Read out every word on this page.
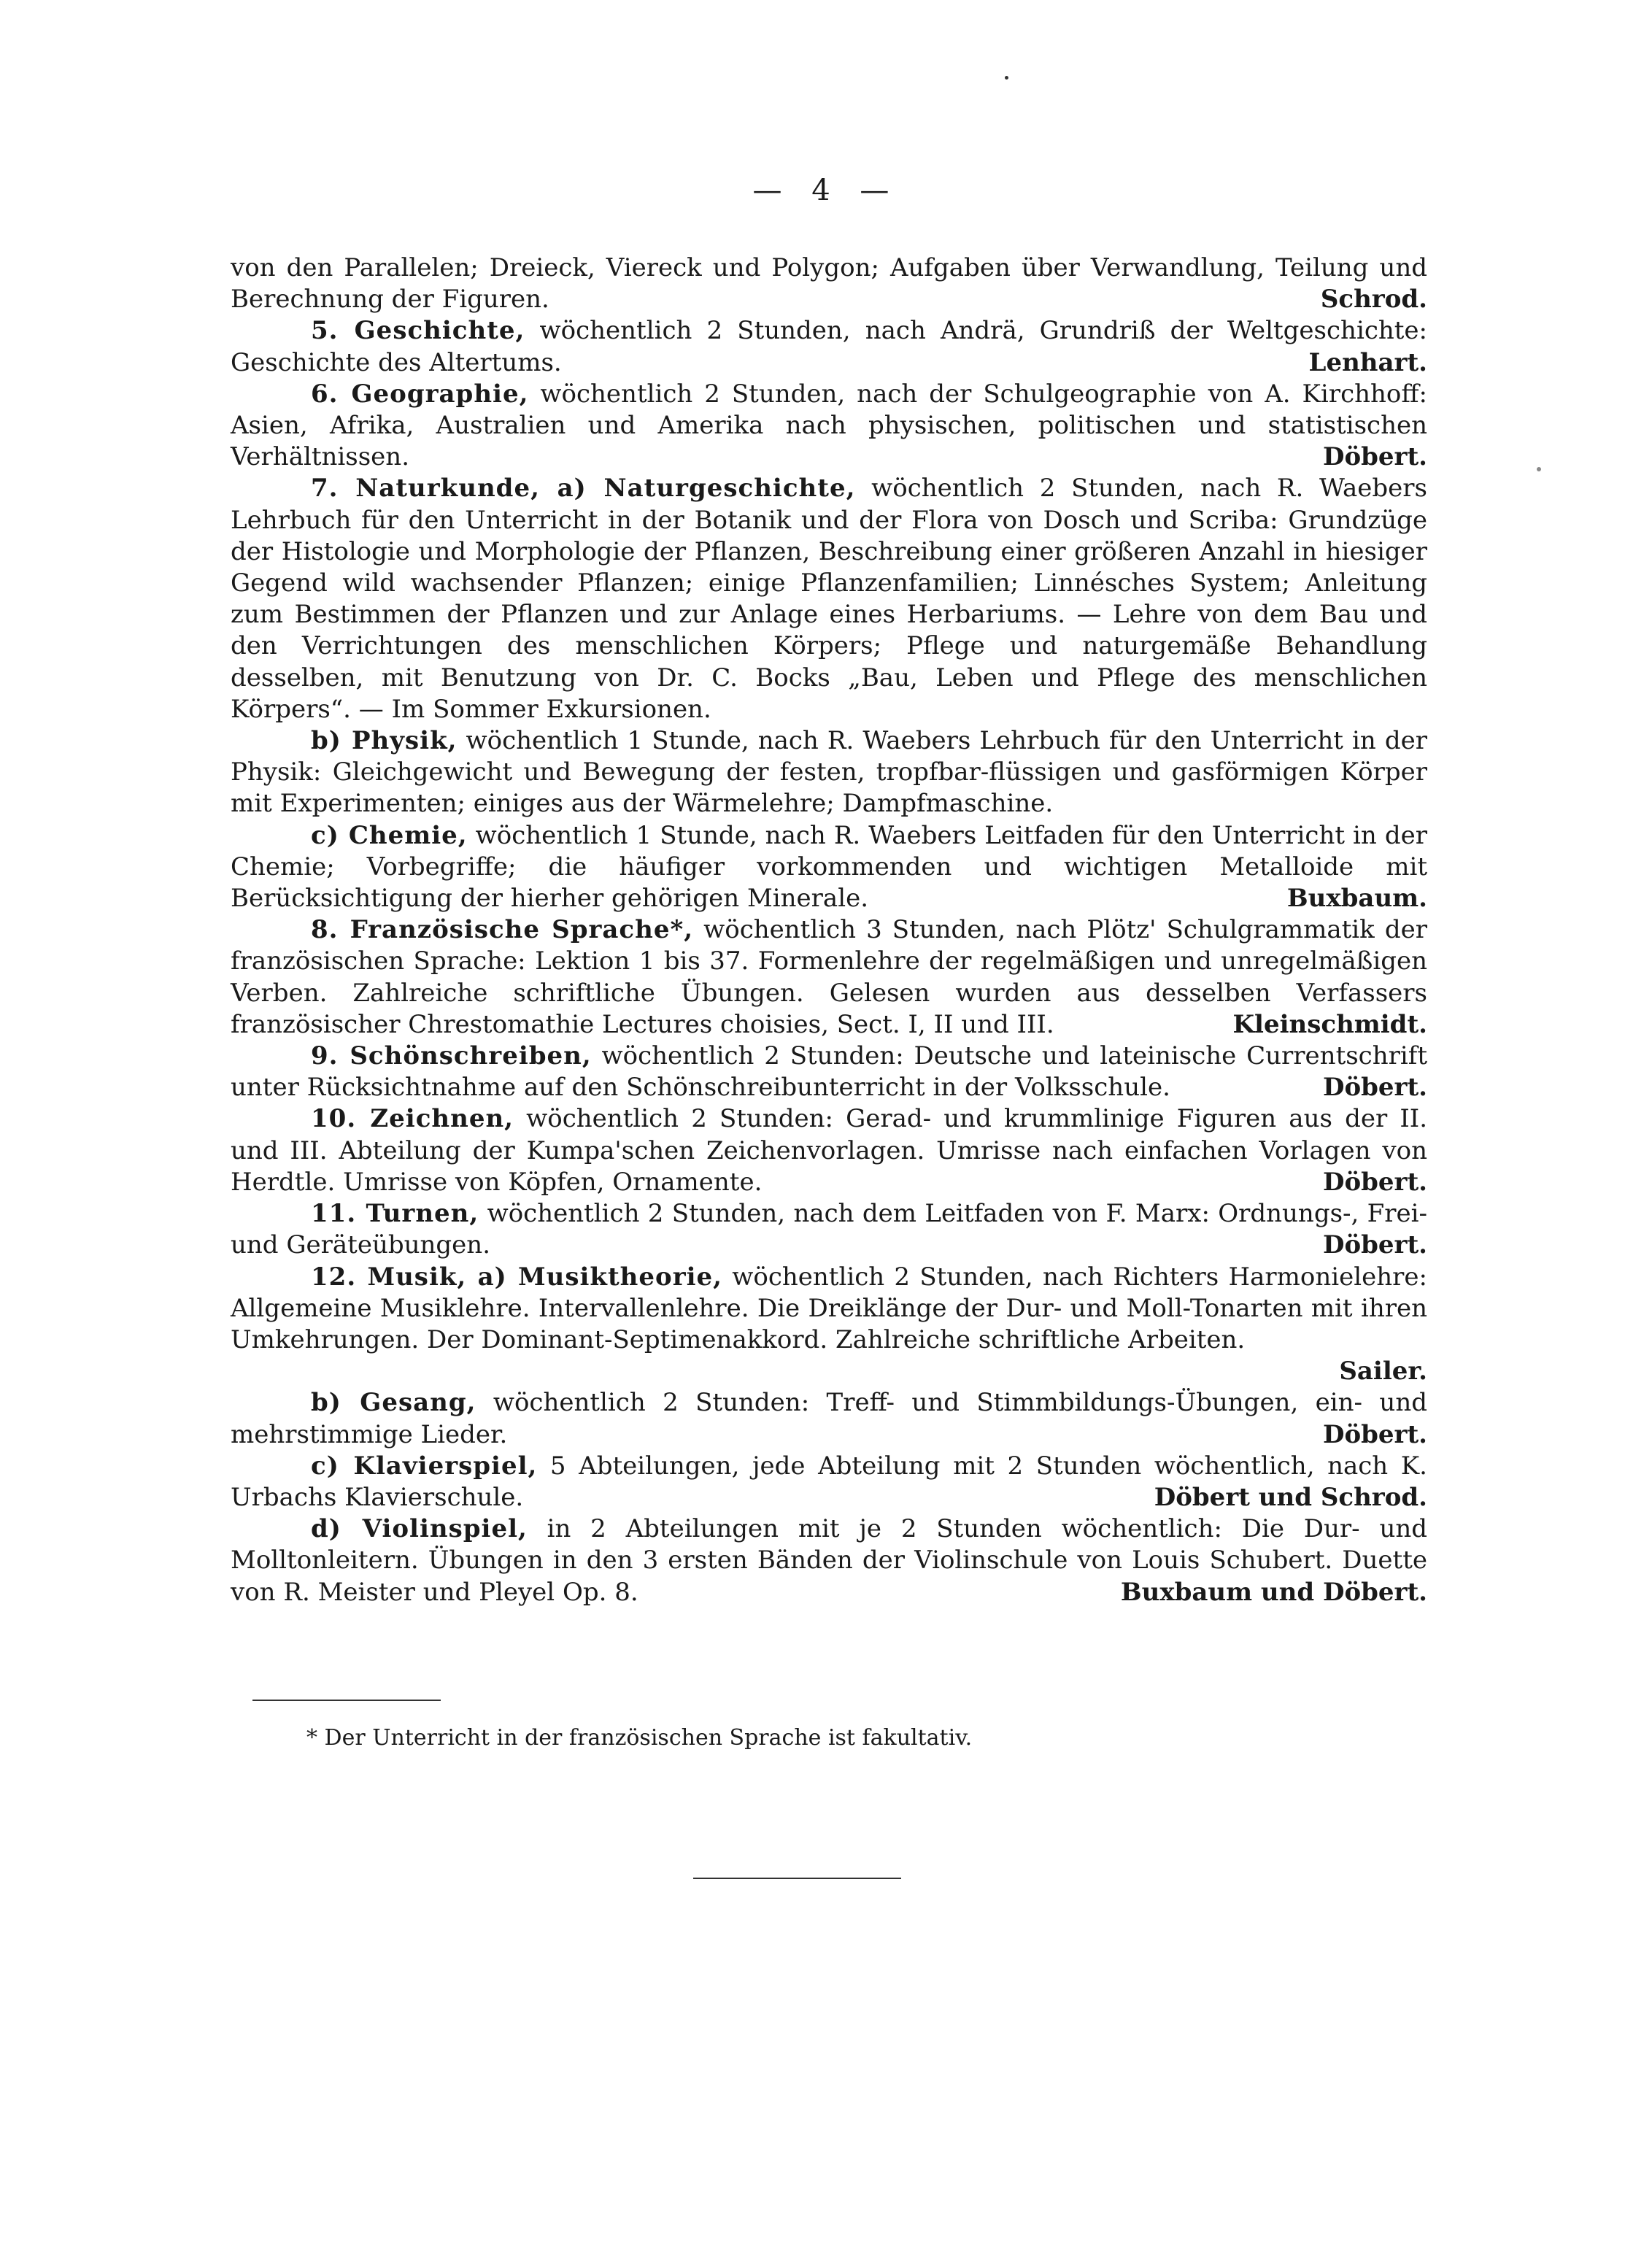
— 4 —

von den Parallelen; Dreieck, Viereck und Polygon; Aufgaben über Verwandlung, Teilung und Berechnung der Figuren.	Schrod.

5. Geschichte, wöchentlich 2 Stunden, nach Andrä, Grundriß der Weltgeschichte: Geschichte des Altertums.	Lenhart.

6. Geographie, wöchentlich 2 Stunden, nach der Schulgeographie von A. Kirchhoff: Asien, Afrika, Australien und Amerika nach physischen, politischen und statistischen Verhältnissen.	Döbert.

7. Naturkunde, a) Naturgeschichte, wöchentlich 2 Stunden, nach R. Waebers Lehrbuch für den Unterricht in der Botanik und der Flora von Dosch und Scriba: Grundzüge der Histologie und Morphologie der Pflanzen, Beschreibung einer größeren Anzahl in hiesiger Gegend wild wachsender Pflanzen; einige Pflanzenfamilien; Linnésches System; Anleitung zum Bestimmen der Pflanzen und zur Anlage eines Herbariums. — Lehre von dem Bau und den Verrichtungen des menschlichen Körpers; Pflege und naturgemäße Behandlung desselben, mit Benutzung von Dr. C. Bocks „Bau, Leben und Pflege des menschlichen Körpers“. — Im Sommer Exkursionen.

b) Physik, wöchentlich 1 Stunde, nach R. Waebers Lehrbuch für den Unterricht in der Physik: Gleichgewicht und Bewegung der festen, tropfbar-flüssigen und gasförmigen Körper mit Experimenten; einiges aus der Wärmelehre; Dampfmaschine.

c) Chemie, wöchentlich 1 Stunde, nach R. Waebers Leitfaden für den Unterricht in der Chemie; Vorbegriffe; die häufiger vorkommenden und wichtigen Metalloide mit Berücksichtigung der hierher gehörigen Minerale.	Buxbaum.

8. Französische Sprache*, wöchentlich 3 Stunden, nach Plötz' Schulgrammatik der französischen Sprache: Lektion 1 bis 37. Formenlehre der regelmäßigen und unregelmäßigen Verben. Zahlreiche schriftliche Übungen. Gelesen wurden aus desselben Verfassers französischer Chrestomathie Lectures choisies, Sect. I, II und III.	Kleinschmidt.

9. Schönschreiben, wöchentlich 2 Stunden: Deutsche und lateinische Currentschrift unter Rücksichtnahme auf den Schönschreibunterricht in der Volksschule.	Döbert.

10. Zeichnen, wöchentlich 2 Stunden: Gerad- und krummlinige Figuren aus der II. und III. Abteilung der Kumpa'schen Zeichenvorlagen. Umrisse nach einfachen Vorlagen von Herdtle. Umrisse von Köpfen, Ornamente.	Döbert.

11. Turnen, wöchentlich 2 Stunden, nach dem Leitfaden von F. Marx: Ordnungs-, Frei- und Geräteübungen.	Döbert.

12. Musik, a) Musiktheorie, wöchentlich 2 Stunden, nach Richters Harmonielehre: Allgemeine Musiklehre. Intervallenlehre. Die Dreiklänge der Dur- und Moll-Tonarten mit ihren Umkehrungen. Der Dominant-Septimenakkord. Zahlreiche schriftliche Arbeiten.
Sailer.

b) Gesang, wöchentlich 2 Stunden: Treff- und Stimmbildungs-Übungen, ein- und mehrstimmige Lieder.	Döbert.

c) Klavierspiel, 5 Abteilungen, jede Abteilung mit 2 Stunden wöchentlich, nach K. Urbachs Klavierschule.	Döbert und Schrod.

d) Violinspiel, in 2 Abteilungen mit je 2 Stunden wöchentlich: Die Dur- und Molltonleitern. Übungen in den 3 ersten Bänden der Violinschule von Louis Schubert. Duette von R. Meister und Pleyel Op. 8.	Buxbaum und Döbert.

* Der Unterricht in der französischen Sprache ist fakultativ.
